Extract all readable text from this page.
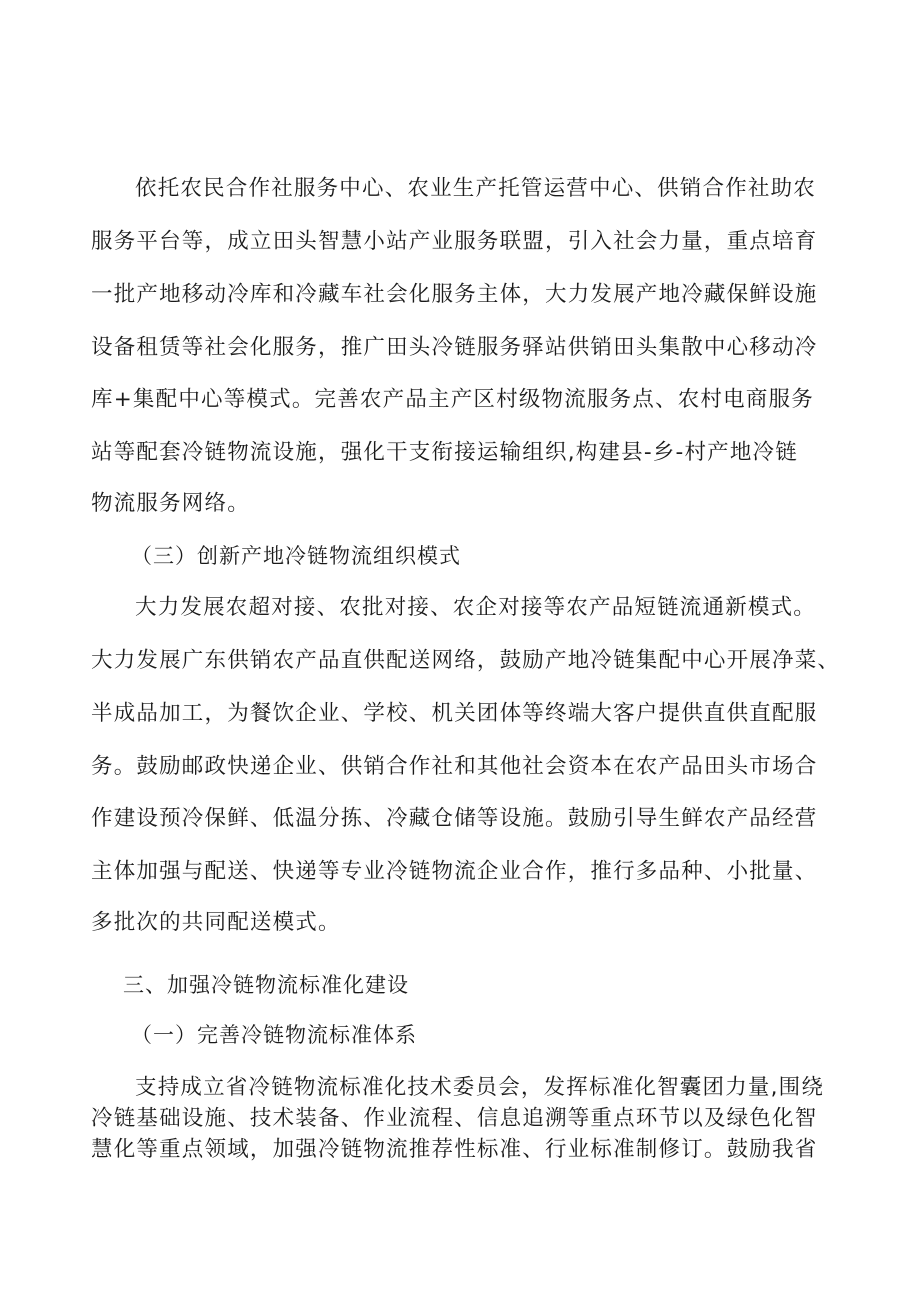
依托农民合作社服务中心、农业生产托管运营中心、供销合作社助农
服务平台等，成立田头智慧小站产业服务联盟，引入社会力量，重点培育
一批产地移动冷库和冷藏车社会化服务主体，大力发展产地冷藏保鲜设施
设备租赁等社会化服务，推广田头冷链服务驿站供销田头集散中心移动冷
库+集配中心等模式。完善农产品主产区村级物流服务点、农村电商服务
站等配套冷链物流设施，强化干支衔接运输组织,构建县-乡-村产地冷链
物流服务网络。
（三）创新产地冷链物流组织模式
大力发展农超对接、农批对接、农企对接等农产品短链流通新模式。
大力发展广东供销农产品直供配送网络，鼓励产地冷链集配中心开展净菜、
半成品加工，为餐饮企业、学校、机关团体等终端大客户提供直供直配服
务。鼓励邮政快递企业、供销合作社和其他社会资本在农产品田头市场合
作建设预冷保鲜、低温分拣、冷藏仓储等设施。鼓励引导生鲜农产品经营
主体加强与配送、快递等专业冷链物流企业合作，推行多品种、小批量、
多批次的共同配送模式。
三、加强冷链物流标准化建设
（一）完善冷链物流标准体系
支持成立省冷链物流标准化技术委员会，发挥标准化智囊团力量,围绕
冷链基础设施、技术装备、作业流程、信息追溯等重点环节以及绿色化智
慧化等重点领域，加强冷链物流推荐性标准、行业标准制修订。鼓励我省
